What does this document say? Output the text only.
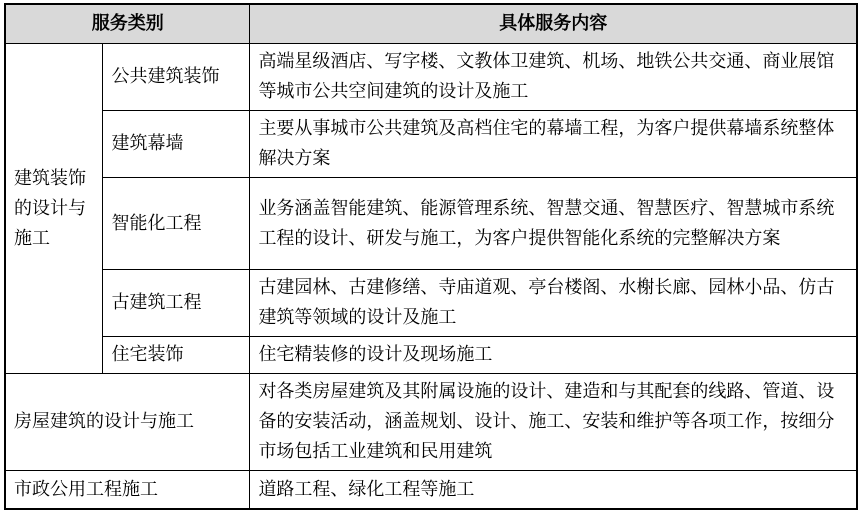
服务类别		具体服务内容
建筑装饰的设计与施工	公共建筑装饰	高端星级酒店、写字楼、文教体卫建筑、机场、地铁公共交通、商业展馆等城市公共空间建筑的设计及施工
	建筑幕墙	主要从事城市公共建筑及高档住宅的幕墙工程，为客户提供幕墙系统整体解决方案
	智能化工程	业务涵盖智能建筑、能源管理系统、智慧交通、智慧医疗、智慧城市系统工程的设计、研发与施工，为客户提供智能化系统的完整解决方案
	古建筑工程	古建园林、古建修缮、寺庙道观、亭台楼阁、水榭长廊、园林小品、仿古建筑等领域的设计及施工
	住宅装饰	住宅精装修的设计及现场施工
房屋建筑的设计与施工		对各类房屋建筑及其附属设施的设计、建造和与其配套的线路、管道、设备的安装活动，涵盖规划、设计、施工、安装和维护等各项工作，按细分市场包括工业建筑和民用建筑
市政公用工程施工		道路工程、绿化工程等施工
